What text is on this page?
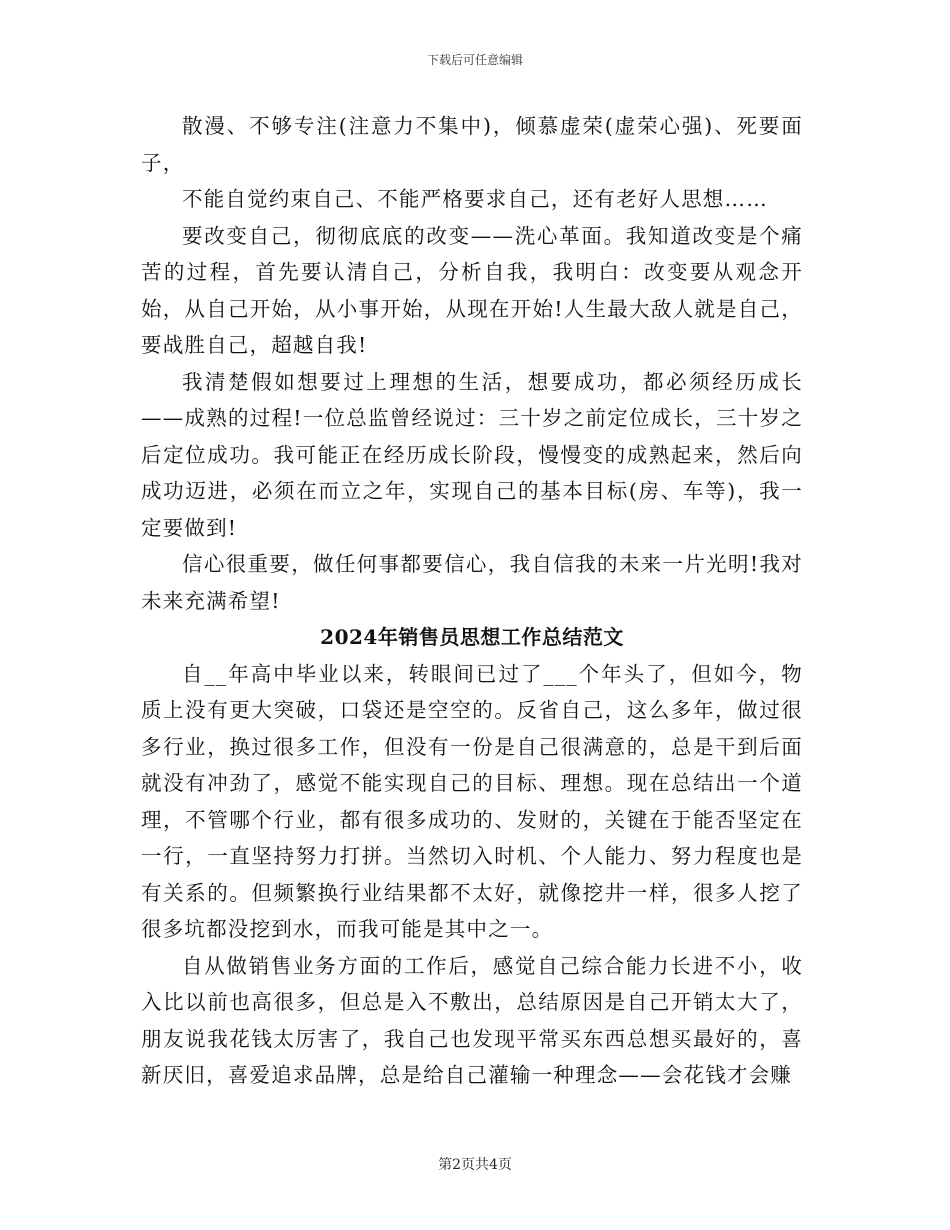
下载后可任意编辑

散漫、不够专注(注意力不集中)，倾慕虚荣(虚荣心强)、死要面子，

不能自觉约束自己、不能严格要求自己，还有老好人思想……

要改变自己，彻彻底底的改变——洗心革面。我知道改变是个痛苦的过程，首先要认清自己，分析自我，我明白：改变要从观念开始，从自己开始，从小事开始，从现在开始!人生最大敌人就是自己，要战胜自己，超越自我!

我清楚假如想要过上理想的生活，想要成功，都必须经历成长——成熟的过程!一位总监曾经说过：三十岁之前定位成长，三十岁之后定位成功。我可能正在经历成长阶段，慢慢变的成熟起来，然后向成功迈进，必须在而立之年，实现自己的基本目标(房、车等)，我一定要做到!

信心很重要，做任何事都要信心，我自信我的未来一片光明!我对未来充满希望!

2024年销售员思想工作总结范文

自__年高中毕业以来，转眼间已过了___个年头了，但如今，物质上没有更大突破，口袋还是空空的。反省自己，这么多年，做过很多行业，换过很多工作，但没有一份是自己很满意的，总是干到后面就没有冲劲了，感觉不能实现自己的目标、理想。现在总结出一个道理，不管哪个行业，都有很多成功的、发财的，关键在于能否坚定在一行，一直坚持努力打拼。当然切入时机、个人能力、努力程度也是有关系的。但频繁换行业结果都不太好，就像挖井一样，很多人挖了很多坑都没挖到水，而我可能是其中之一。

自从做销售业务方面的工作后，感觉自己综合能力长进不小，收入比以前也高很多，但总是入不敷出，总结原因是自己开销太大了，朋友说我花钱太厉害了，我自己也发现平常买东西总想买最好的，喜新厌旧，喜爱追求品牌，总是给自己灌输一种理念——会花钱才会赚

第2页共4页
